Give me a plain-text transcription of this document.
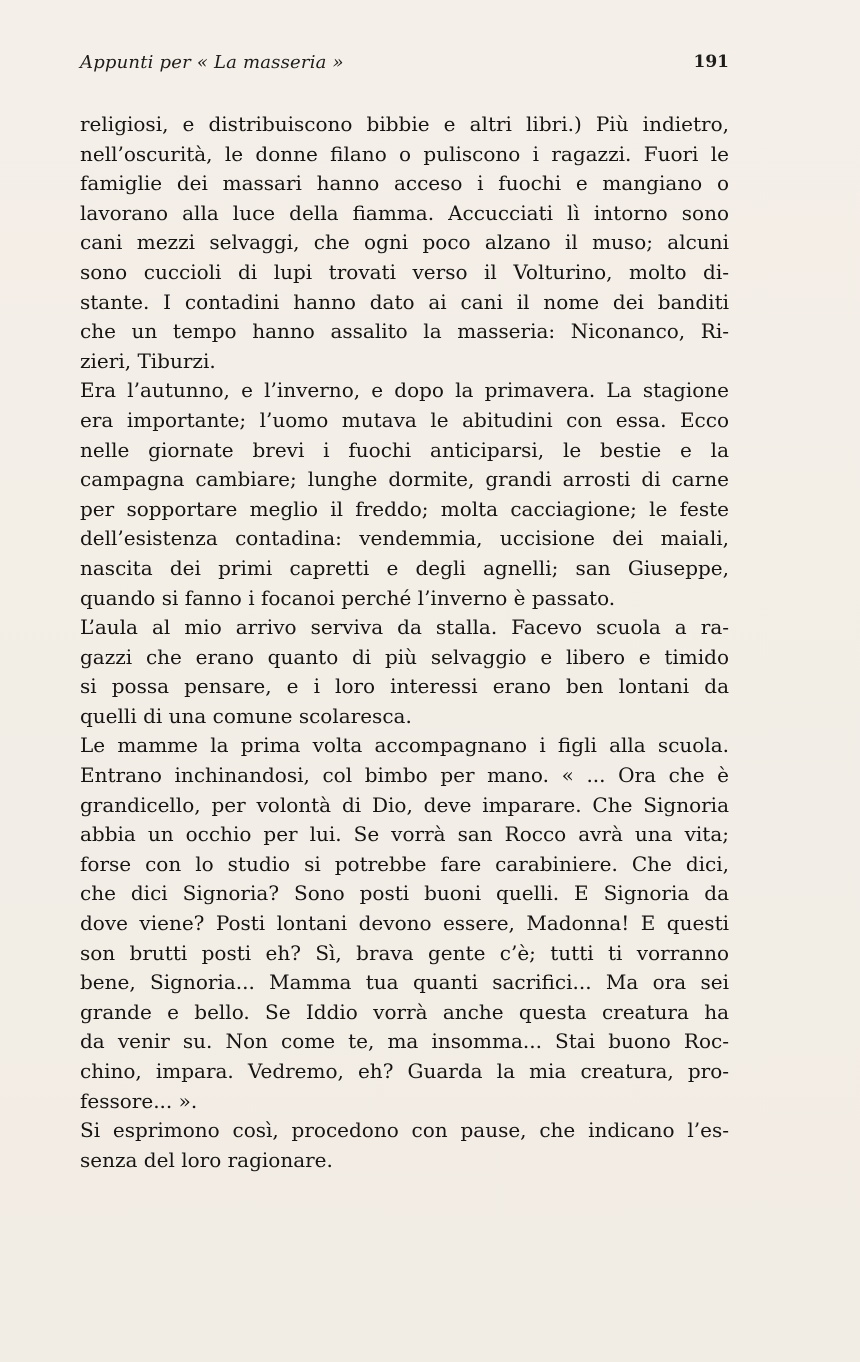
Appunti per « La masseria »	191
religiosi, e distribuiscono bibbie e altri libri.) Più indietro,
nell’oscurità, le donne filano o puliscono i ragazzi. Fuori le
famiglie dei massari hanno acceso i fuochi e mangiano o
lavorano alla luce della fiamma. Accucciati lì intorno sono
cani mezzi selvaggi, che ogni poco alzano il muso; alcuni
sono cuccioli di lupi trovati verso il Volturino, molto di-
stante. I contadini hanno dato ai cani il nome dei banditi
che un tempo hanno assalito la masseria: Niconanco, Ri-
zieri, Tiburzi.
Era l’autunno, e l’inverno, e dopo la primavera. La stagione
era importante; l’uomo mutava le abitudini con essa. Ecco
nelle giornate brevi i fuochi anticiparsi, le bestie e la
campagna cambiare; lunghe dormite, grandi arrosti di carne
per sopportare meglio il freddo; molta cacciagione; le feste
dell’esistenza contadina: vendemmia, uccisione dei maiali,
nascita dei primi capretti e degli agnelli; san Giuseppe,
quando si fanno i focanoi perché l’inverno è passato.
L’aula al mio arrivo serviva da stalla. Facevo scuola a ra-
gazzi che erano quanto di più selvaggio e libero e timido
si possa pensare, e i loro interessi erano ben lontani da
quelli di una comune scolaresca.
Le mamme la prima volta accompagnano i figli alla scuola.
Entrano inchinandosi, col bimbo per mano. « ... Ora che è
grandicello, per volontà di Dio, deve imparare. Che Signoria
abbia un occhio per lui. Se vorrà san Rocco avrà una vita;
forse con lo studio si potrebbe fare carabiniere. Che dici,
che dici Signoria? Sono posti buoni quelli. E Signoria da
dove viene? Posti lontani devono essere, Madonna! E questi
son brutti posti eh? Sì, brava gente c’è; tutti ti vorranno
bene, Signoria... Mamma tua quanti sacrifici... Ma ora sei
grande e bello. Se Iddio vorrà anche questa creatura ha
da venir su. Non come te, ma insomma... Stai buono Roc-
chino, impara. Vedremo, eh? Guarda la mia creatura, pro-
fessore... ».
Si esprimono così, procedono con pause, che indicano l’es-
senza del loro ragionare.
